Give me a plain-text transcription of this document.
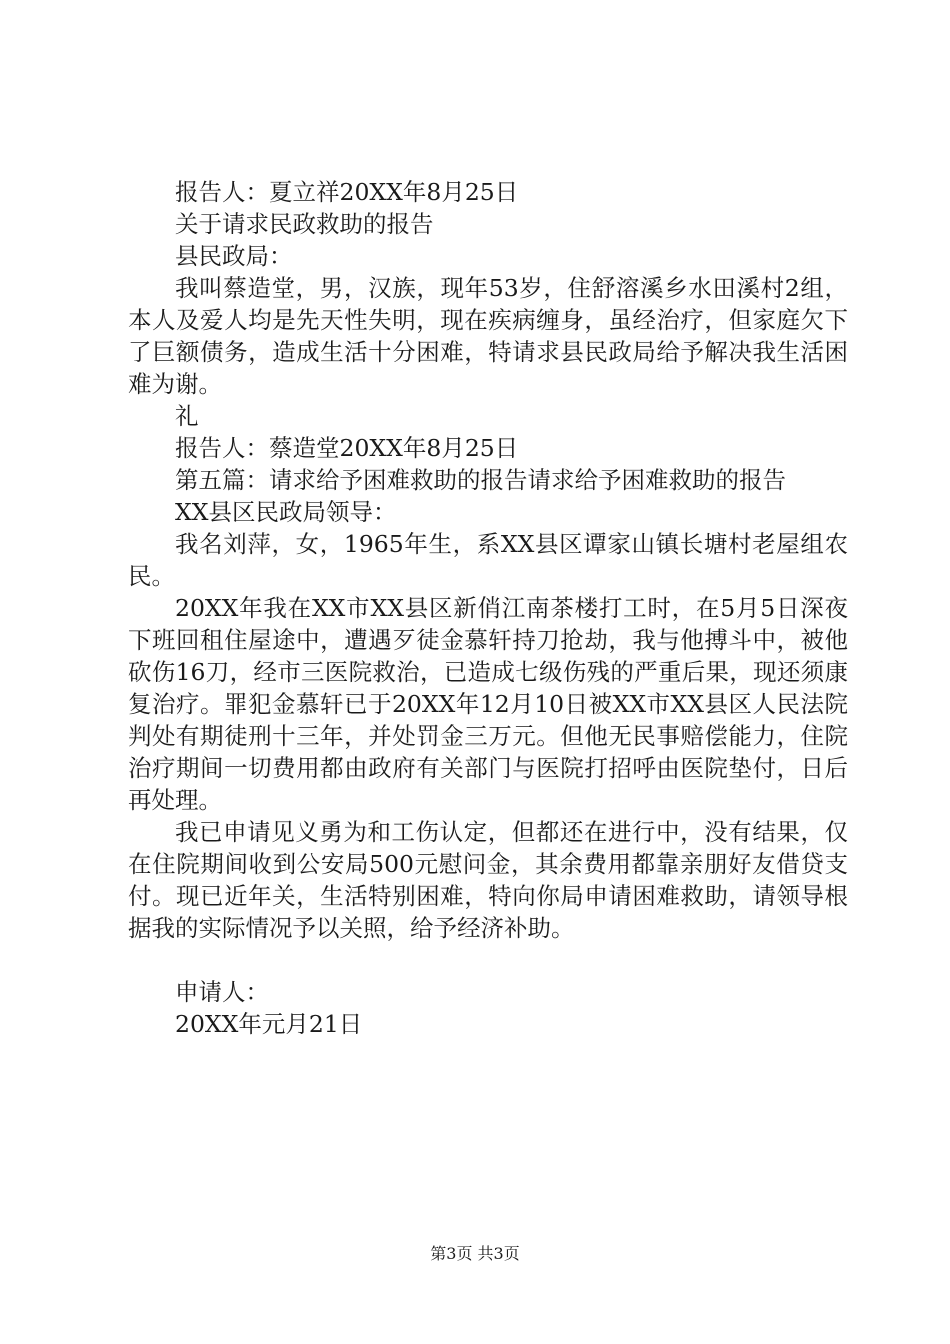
报告人：夏立祥20XX年8月25日

关于请求民政救助的报告

县民政局：

我叫蔡造堂，男，汉族，现年53岁，住舒溶溪乡水田溪村2组，本人及爱人均是先天性失明，现在疾病缠身，虽经治疗，但家庭欠下了巨额债务，造成生活十分困难，特请求县民政局给予解决我生活困难为谢。

礼

报告人：蔡造堂20XX年8月25日

第五篇：请求给予困难救助的报告请求给予困难救助的报告

XX县区民政局领导：

我名刘萍，女，1965年生，系XX县区谭家山镇长塘村老屋组农民。

20XX年我在XX市XX县区新俏江南茶楼打工时，在5月5日深夜下班回租住屋途中，遭遇歹徒金慕轩持刀抢劫，我与他搏斗中，被他砍伤16刀，经市三医院救治，已造成七级伤残的严重后果，现还须康复治疗。罪犯金慕轩已于20XX年12月10日被XX市XX县区人民法院判处有期徒刑十三年，并处罚金三万元。但他无民事赔偿能力，住院治疗期间一切费用都由政府有关部门与医院打招呼由医院垫付，日后再处理。

我已申请见义勇为和工伤认定，但都还在进行中，没有结果，仅在住院期间收到公安局500元慰问金，其余费用都靠亲朋好友借贷支付。现已近年关，生活特别困难，特向你局申请困难救助，请领导根据我的实际情况予以关照，给予经济补助。

申请人：

20XX年元月21日

第3页 共3页
